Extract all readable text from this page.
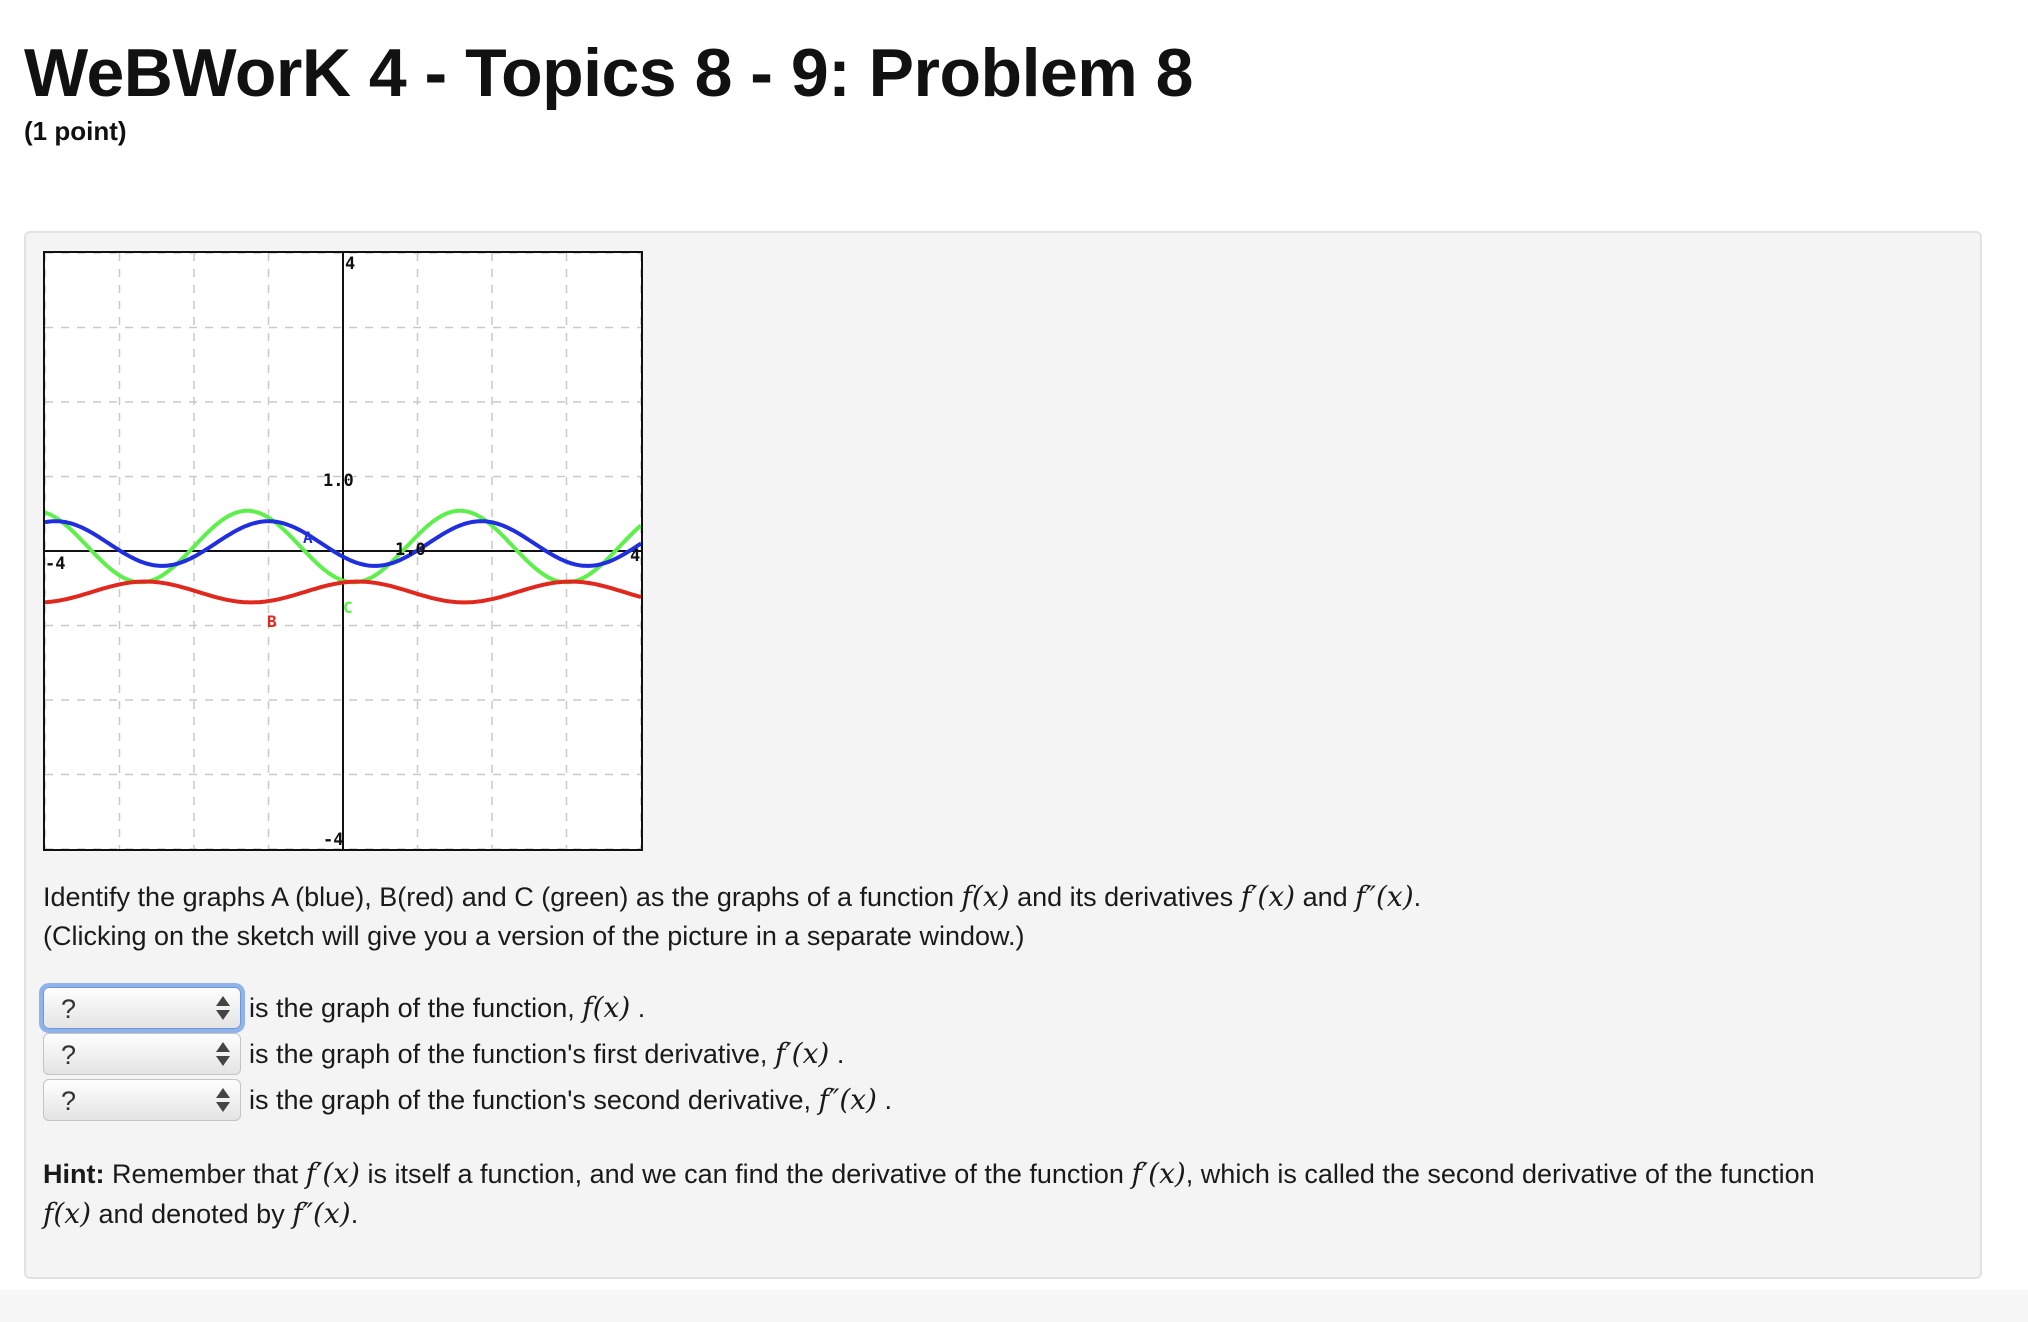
WeBWorK 4 - Topics 8 - 9: Problem 8
(1 point)
4
-4
-4	4
1.0
1.0
A
B
C
Identify the graphs A (blue), B(red) and C (green) as the graphs of a function f(x) and its derivatives f′(x) and f″(x).
(Clicking on the sketch will give you a version of the picture in a separate window.)
?	is the graph of the function, f(x) .
?	is the graph of the function's first derivative, f′(x) .
?	is the graph of the function's second derivative, f″(x) .
Hint: Remember that f′(x) is itself a function, and we can find the derivative of the function f′(x), which is called the second derivative of the function
f(x) and denoted by f″(x).
